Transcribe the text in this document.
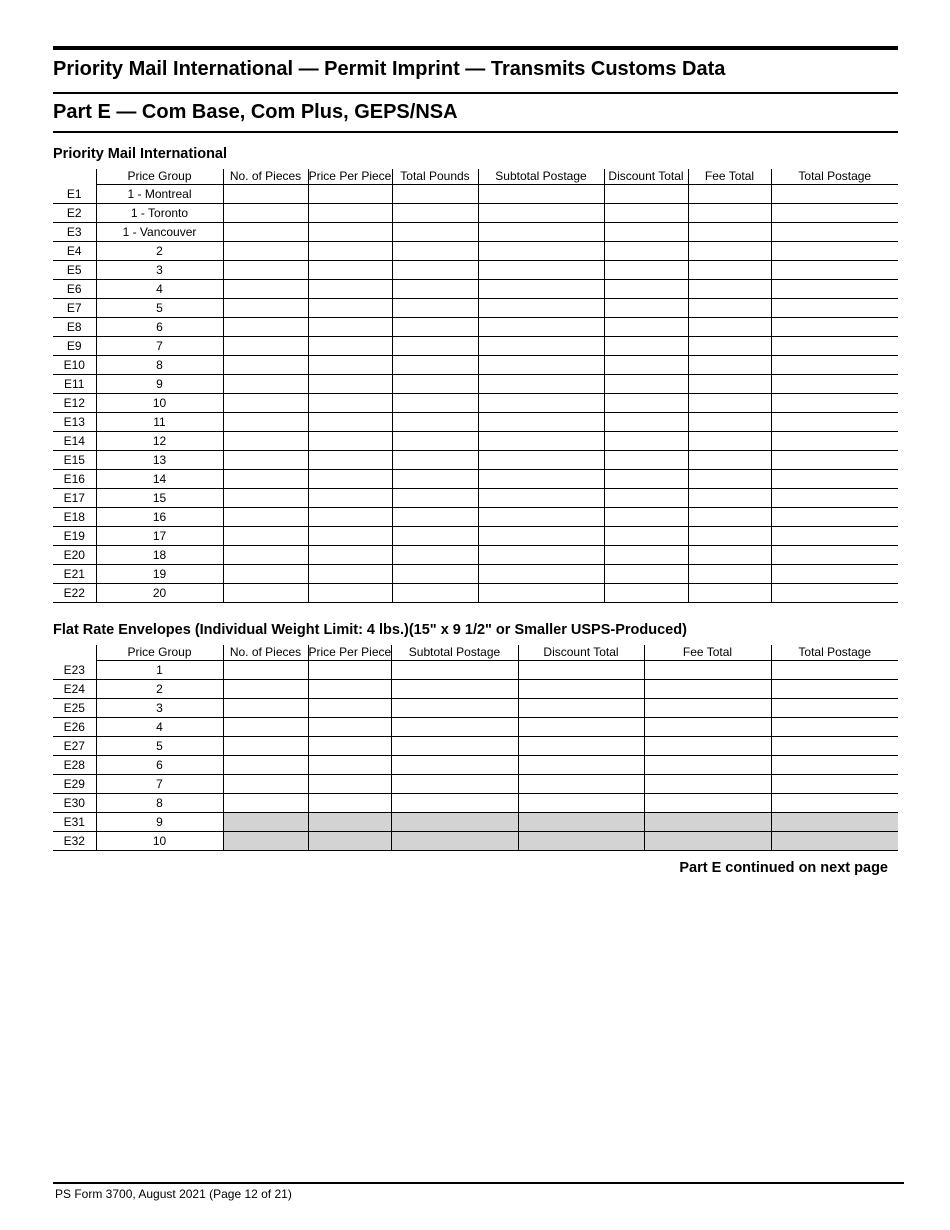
Priority Mail International — Permit Imprint — Transmits Customs Data
Part E — Com Base, Com Plus, GEPS/NSA
Priority Mail International
	Price Group	No. of Pieces	Price Per Piece	Total Pounds	Subtotal Postage	Discount Total	Fee Total	Total Postage
E1	1 - Montreal							
E2	1 - Toronto							
E3	1 - Vancouver							
E4	2							
E5	3							
E6	4							
E7	5							
E8	6							
E9	7							
E10	8							
E11	9							
E12	10							
E13	11							
E14	12							
E15	13							
E16	14							
E17	15							
E18	16							
E19	17							
E20	18							
E21	19							
E22	20							
Flat Rate Envelopes (Individual Weight Limit: 4 lbs.)(15" x 9 1/2" or Smaller USPS-Produced)
	Price Group	No. of Pieces	Price Per Piece	Subtotal Postage	Discount Total	Fee Total	Total Postage
E23	1						
E24	2						
E25	3						
E26	4						
E27	5						
E28	6						
E29	7						
E30	8						
E31	9						
E32	10						
Part E continued on next page
PS Form 3700, August 2021 (Page 12 of 21)
